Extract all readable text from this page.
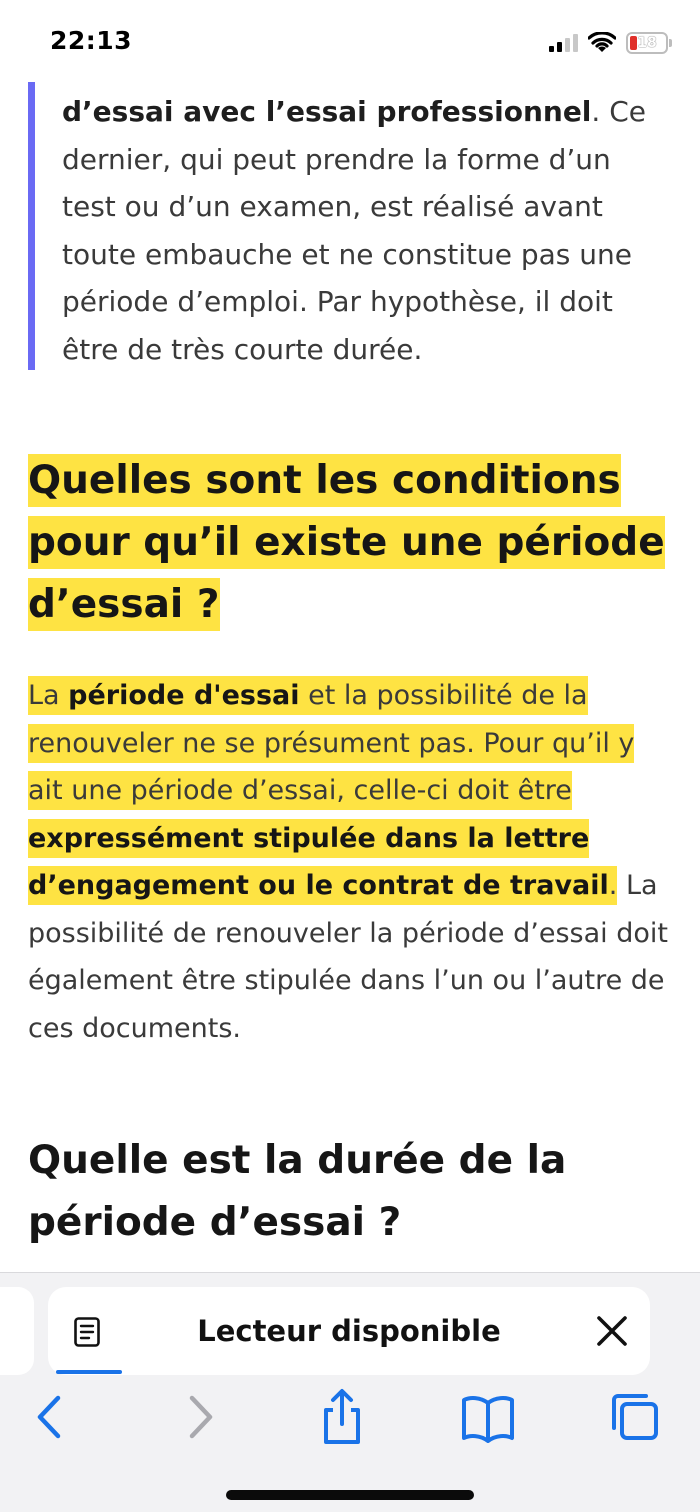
22:13	18

d’essai avec l’essai professionnel. Ce dernier, qui peut prendre la forme d’un test ou d’un examen, est réalisé avant toute embauche et ne constitue pas une période d’emploi. Par hypothèse, il doit être de très courte durée.

Quelles sont les conditions pour qu’il existe une période d’essai ?

La période d'essai et la possibilité de la renouveler ne se présument pas. Pour qu’il y ait une période d’essai, celle-ci doit être expressément stipulée dans la lettre d’engagement ou le contrat de travail. La possibilité de renouveler la période d’essai doit également être stipulée dans l’un ou l’autre de ces documents.

Quelle est la durée de la période d’essai ?
Lecteur disponible
